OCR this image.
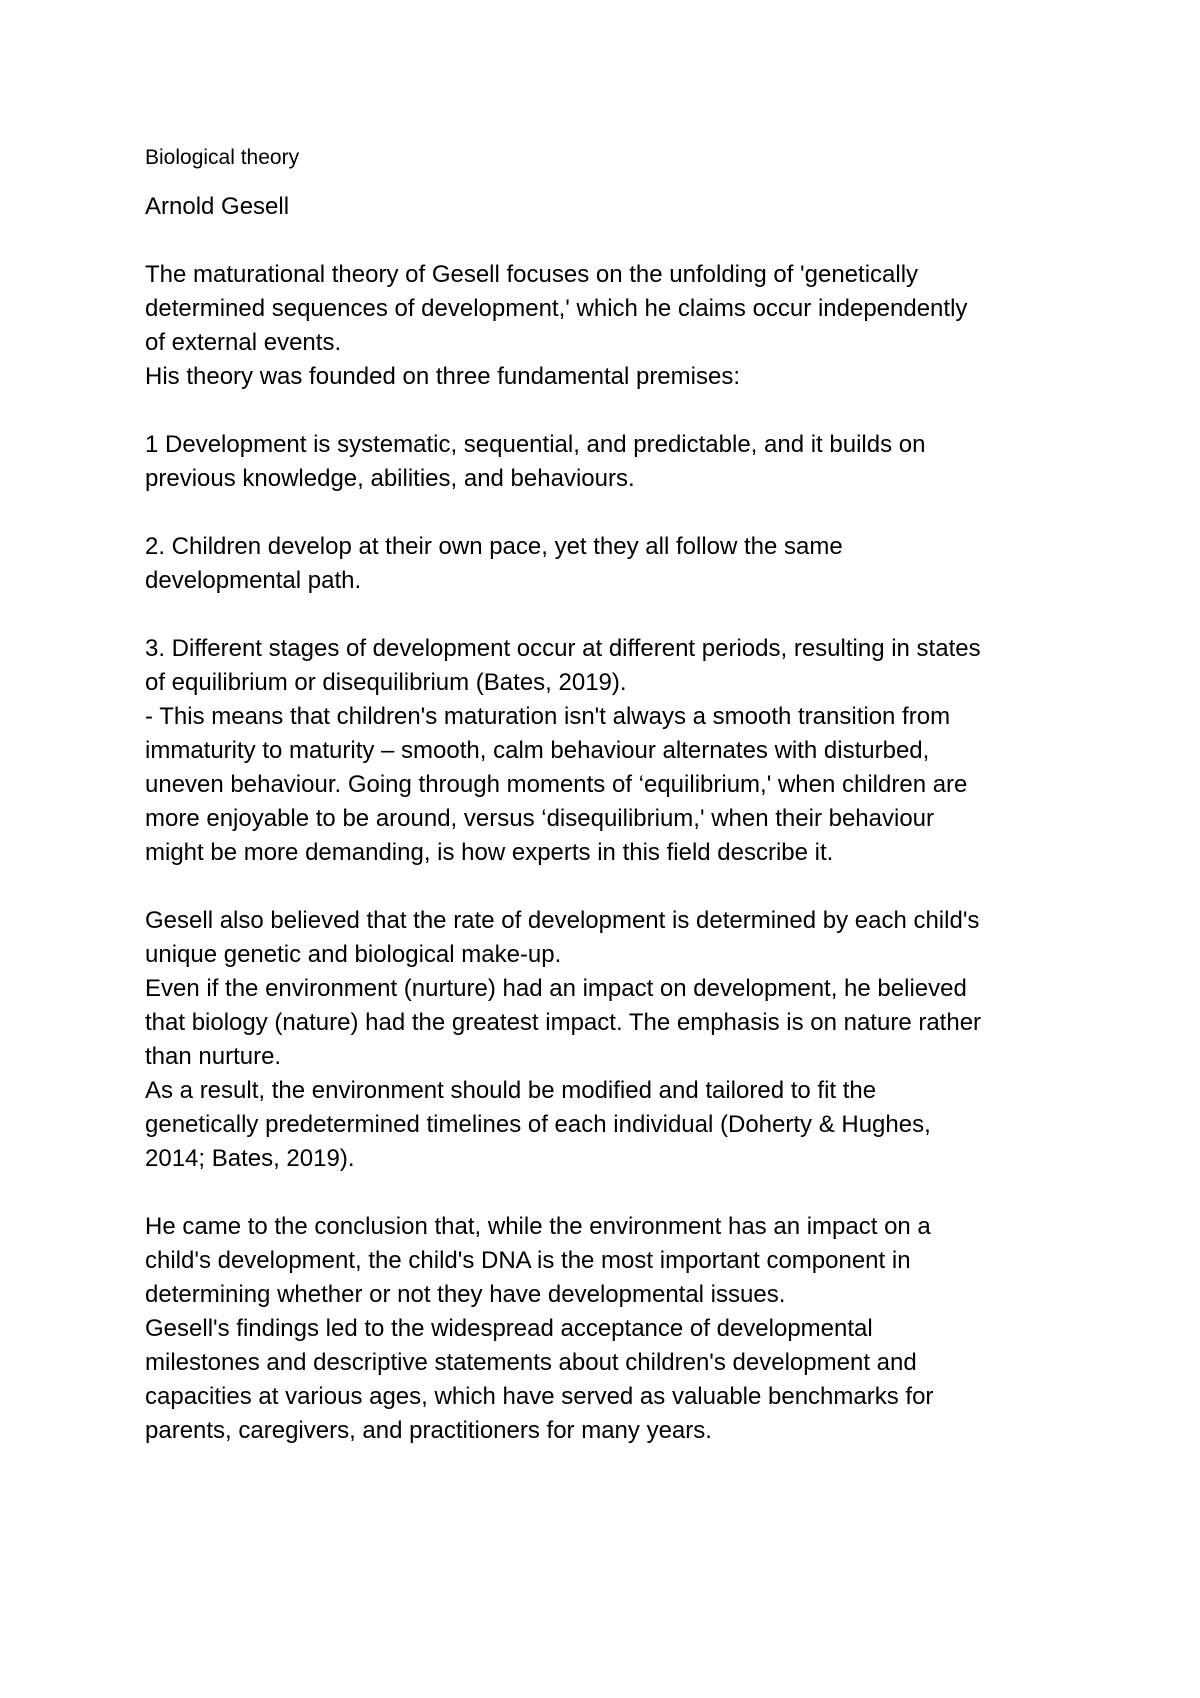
Biological theory
Arnold Gesell
The maturational theory of Gesell focuses on the unfolding of 'genetically
determined sequences of development,' which he claims occur independently
of external events.
His theory was founded on three fundamental premises:
1 Development is systematic, sequential, and predictable, and it builds on
previous knowledge, abilities, and behaviours.
2. Children develop at their own pace, yet they all follow the same
developmental path.
3. Different stages of development occur at different periods, resulting in states
of equilibrium or disequilibrium (Bates, 2019).
- This means that children's maturation isn't always a smooth transition from
immaturity to maturity – smooth, calm behaviour alternates with disturbed,
uneven behaviour. Going through moments of ‘equilibrium,' when children are
more enjoyable to be around, versus ‘disequilibrium,' when their behaviour
might be more demanding, is how experts in this field describe it.
Gesell also believed that the rate of development is determined by each child's
unique genetic and biological make-up.
Even if the environment (nurture) had an impact on development, he believed
that biology (nature) had the greatest impact. The emphasis is on nature rather
than nurture.
As a result, the environment should be modified and tailored to fit the
genetically predetermined timelines of each individual (Doherty & Hughes,
2014; Bates, 2019).
He came to the conclusion that, while the environment has an impact on a
child's development, the child's DNA is the most important component in
determining whether or not they have developmental issues.
Gesell's findings led to the widespread acceptance of developmental
milestones and descriptive statements about children's development and
capacities at various ages, which have served as valuable benchmarks for
parents, caregivers, and practitioners for many years.
